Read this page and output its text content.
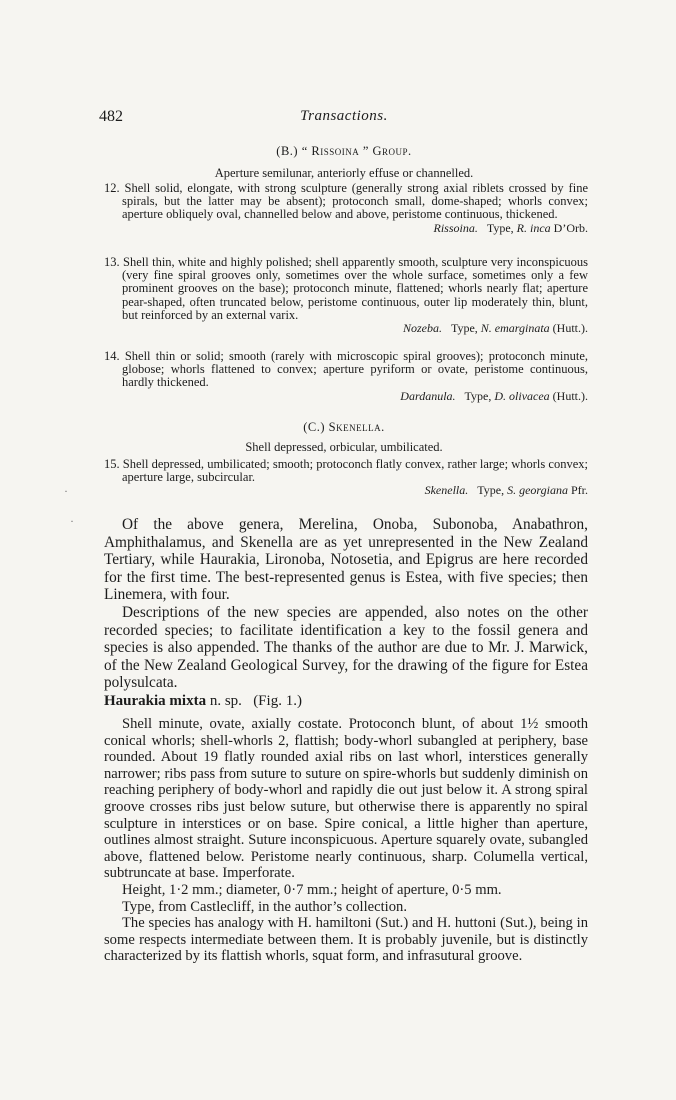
482	Transactions.
(B.) “ Rissoina ” Group.
Aperture semilunar, anteriorly effuse or channelled.
12. Shell solid, elongate, with strong sculpture (generally strong axial riblets crossed by fine spirals, but the latter may be absent); protoconch small, dome-shaped; whorls convex; aperture obliquely oval, channelled below and above, peristome continuous, thickened.
Rissoina. Type, R. inca D’Orb.
13. Shell thin, white and highly polished; shell apparently smooth, sculpture very inconspicuous (very fine spiral grooves only, sometimes over the whole surface, sometimes only a few prominent grooves on the base); protoconch minute, flattened; whorls nearly flat; aperture pear-shaped, often truncated below, peristome continuous, outer lip moderately thin, blunt, but reinforced by an external varix.
Nozeba. Type, N. emarginata (Hutt.).
14. Shell thin or solid; smooth (rarely with microscopic spiral grooves); protoconch minute, globose; whorls flattened to convex; aperture pyriform or ovate, peristome continuous, hardly thickened.
Dardanula. Type, D. olivacea (Hutt.).
(C.) Skenella.
Shell depressed, orbicular, umbilicated.
15. Shell depressed, umbilicated; smooth; protoconch flatly convex, rather large; whorls convex; aperture large, subcircular.
Skenella. Type, S. georgiana Pfr.
·
·	Of the above genera, Merelina, Onoba, Subonoba, Anabathron, Amphithalamus, and Skenella are as yet unrepresented in the New Zealand Tertiary, while Haurakia, Lironoba, Notosetia, and Epigrus are here recorded for the first time. The best-represented genus is Estea, with five species; then Linemera, with four.

Descriptions of the new species are appended, also notes on the other recorded species; to facilitate identification a key to the fossil genera and species is also appended. The thanks of the author are due to Mr. J. Marwick, of the New Zealand Geological Survey, for the drawing of the figure for Estea polysulcata.

Haurakia mixta n. sp. (Fig. 1.)

Shell minute, ovate, axially costate. Protoconch blunt, of about 1½ smooth conical whorls; shell-whorls 2, flattish; body-whorl subangled at periphery, base rounded. About 19 flatly rounded axial ribs on last whorl, interstices generally narrower; ribs pass from suture to suture on spire-whorls but suddenly diminish on reaching periphery of body-whorl and rapidly die out just below it. A strong spiral groove crosses ribs just below suture, but otherwise there is apparently no spiral sculpture in interstices or on base. Spire conical, a little higher than aperture, outlines almost straight. Suture inconspicuous. Aperture squarely ovate, subangled above, flattened below. Peristome nearly continuous, sharp. Columella vertical, subtruncate at base. Imperforate.

Height, 1·2 mm.; diameter, 0·7 mm.; height of aperture, 0·5 mm.

Type, from Castlecliff, in the author’s collection.

The species has analogy with H. hamiltoni (Sut.) and H. huttoni (Sut.), being in some respects intermediate between them. It is probably juvenile, but is distinctly characterized by its flattish whorls, squat form, and infrasutural groove.
